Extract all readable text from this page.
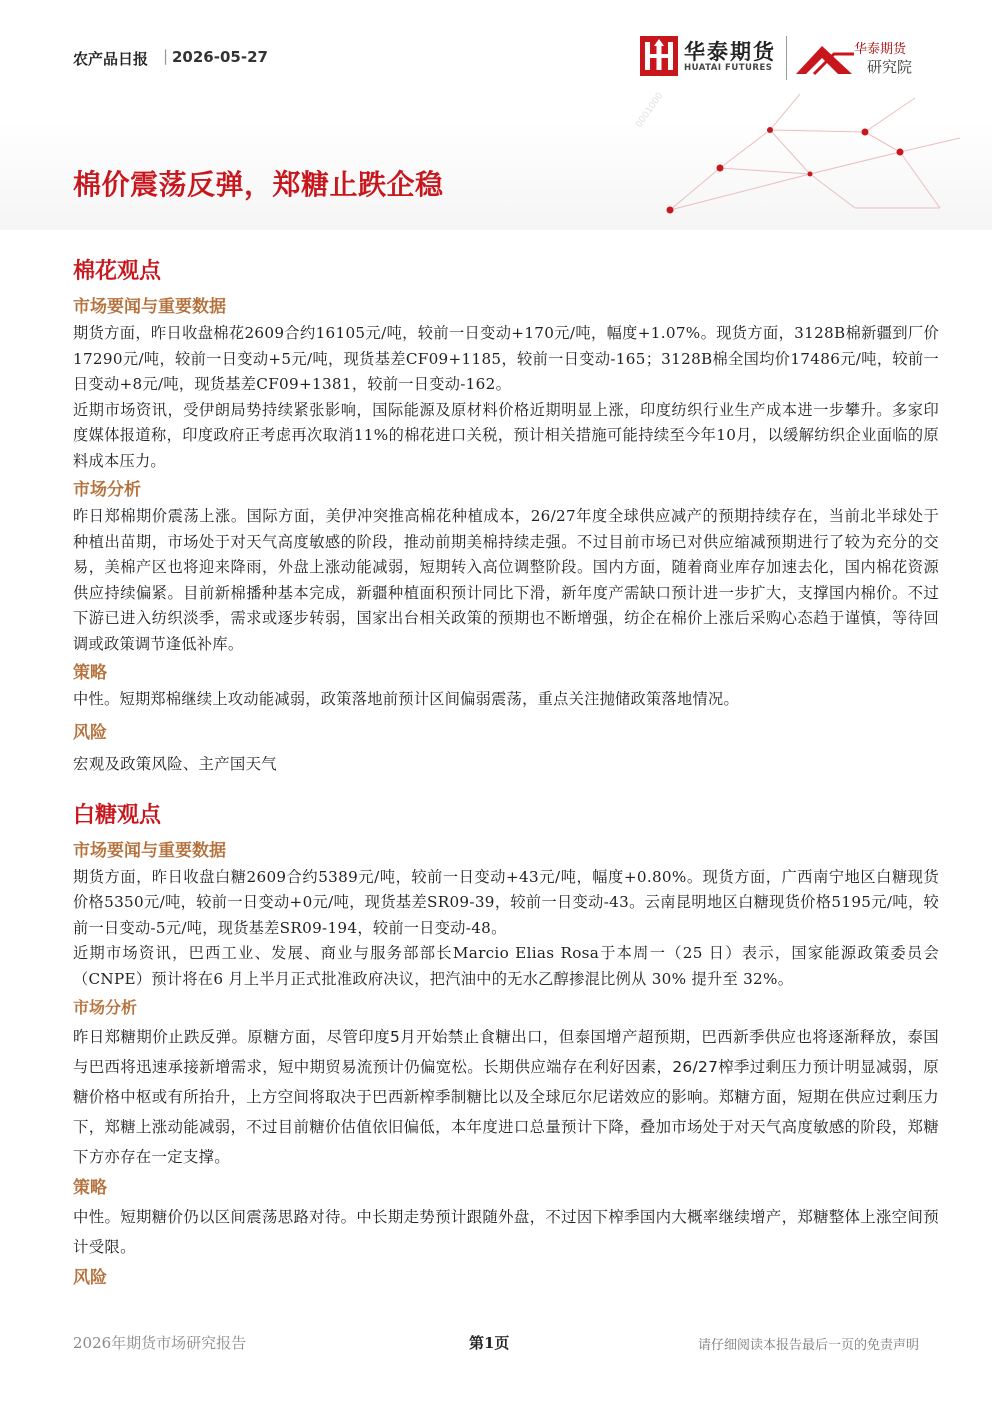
0001000
农产品日报 | 2026-05-27	华泰期货
HUATAI FUTURES
华泰期货
研究院
棉价震荡反弹，郑糖止跌企稳
棉花观点
市场要闻与重要数据

期货方面，昨日收盘棉花2609合约16105元/吨，较前一日变动+170元/吨，幅度+1.07%。现货方面，3128B棉新疆到厂价17290元/吨，较前一日变动+5元/吨，现货基差CF09+1185，较前一日变动-165；3128B棉全国均价17486元/吨，较前一日变动+8元/吨，现货基差CF09+1381，较前一日变动-162。

近期市场资讯，受伊朗局势持续紧张影响，国际能源及原材料价格近期明显上涨，印度纺织行业生产成本进一步攀升。多家印度媒体报道称，印度政府正考虑再次取消11%的棉花进口关税，预计相关措施可能持续至今年10月，以缓解纺织企业面临的原料成本压力。

市场分析

昨日郑棉期价震荡上涨。国际方面，美伊冲突推高棉花种植成本，26/27年度全球供应减产的预期持续存在，当前北半球处于种植出苗期，市场处于对天气高度敏感的阶段，推动前期美棉持续走强。不过目前市场已对供应缩减预期进行了较为充分的交易，美棉产区也将迎来降雨，外盘上涨动能减弱，短期转入高位调整阶段。国内方面，随着商业库存加速去化，国内棉花资源供应持续偏紧。目前新棉播种基本完成，新疆种植面积预计同比下滑，新年度产需缺口预计进一步扩大，支撑国内棉价。不过下游已进入纺织淡季，需求或逐步转弱，国家出台相关政策的预期也不断增强，纺企在棉价上涨后采购心态趋于谨慎，等待回调或政策调节逢低补库。

策略

中性。短期郑棉继续上攻动能减弱，政策落地前预计区间偏弱震荡，重点关注抛储政策落地情况。

风险

宏观及政策风险、主产国天气

白糖观点
市场要闻与重要数据

期货方面，昨日收盘白糖2609合约5389元/吨，较前一日变动+43元/吨，幅度+0.80%。现货方面，广西南宁地区白糖现货价格5350元/吨，较前一日变动+0元/吨，现货基差SR09-39，较前一日变动-43。云南昆明地区白糖现货价格5195元/吨，较前一日变动-5元/吨，现货基差SR09-194，较前一日变动-48。

近期市场资讯，巴西工业、发展、商业与服务部部长Marcio Elias Rosa于本周一（25 日）表示，国家能源政策委员会（CNPE）预计将在6 月上半月正式批准政府决议，把汽油中的无水乙醇掺混比例从 30% 提升至 32%。

市场分析

昨日郑糖期价止跌反弹。原糖方面，尽管印度5月开始禁止食糖出口，但泰国增产超预期，巴西新季供应也将逐渐释放，泰国与巴西将迅速承接新增需求，短中期贸易流预计仍偏宽松。长期供应端存在利好因素，26/27榨季过剩压力预计明显减弱，原糖价格中枢或有所抬升，上方空间将取决于巴西新榨季制糖比以及全球厄尔尼诺效应的影响。郑糖方面，短期在供应过剩压力下，郑糖上涨动能减弱，不过目前糖价估值依旧偏低，本年度进口总量预计下降，叠加市场处于对天气高度敏感的阶段，郑糖下方亦存在一定支撑。

策略

中性。短期糖价仍以区间震荡思路对待。中长期走势预计跟随外盘，不过因下榨季国内大概率继续增产，郑糖整体上涨空间预计受限。

风险
2026年期货市场研究报告	第1页	请仔细阅读本报告最后一页的免责声明
